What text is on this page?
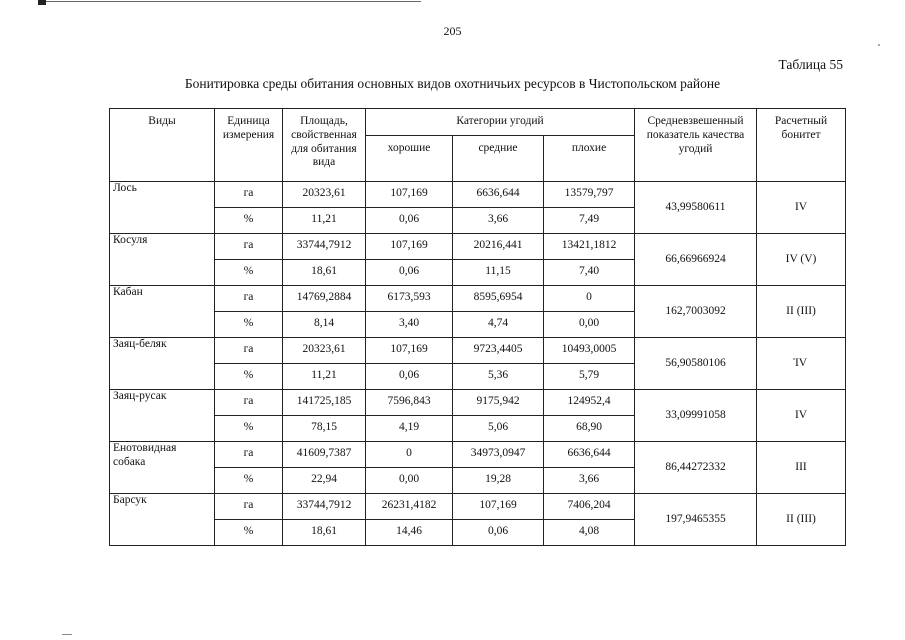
205
Таблица 55
Бонитировка среды обитания основных видов охотничьих ресурсов в Чистопольском районе
Виды	Единица измерения	Площадь, свойственная для обитания вида	Категории угодий			Средневзвешенный показатель качества угодий	Расчетный бонитет
			хорошие	средние	плохие		
Лось	га	20323,61	107,169	6636,644	13579,797	43,99580611	IV
	%	11,21	0,06	3,66	7,49		
Косуля	га	33744,7912	107,169	20216,441	13421,1812	66,66966924	IV (V)
	%	18,61	0,06	11,15	7,40		
Кабан	га	14769,2884	6173,593	8595,6954	0	162,7003092	II (III)
	%	8,14	3,40	4,74	0,00		
Заяц-беляк	га	20323,61	107,169	9723,4405	10493,0005	56,90580106	IV
	%	11,21	0,06	5,36	5,79		
Заяц-русак	га	141725,185	7596,843	9175,942	124952,4	33,09991058	IV
	%	78,15	4,19	5,06	68,90		
Енотовидная собака	га	41609,7387	0	34973,0947	6636,644	86,44272332	III
	%	22,94	0,00	19,28	3,66		
Барсук	га	33744,7912	26231,4182	107,169	7406,204	197,9465355	II (III)
	%	18,61	14,46	0,06	4,08		
